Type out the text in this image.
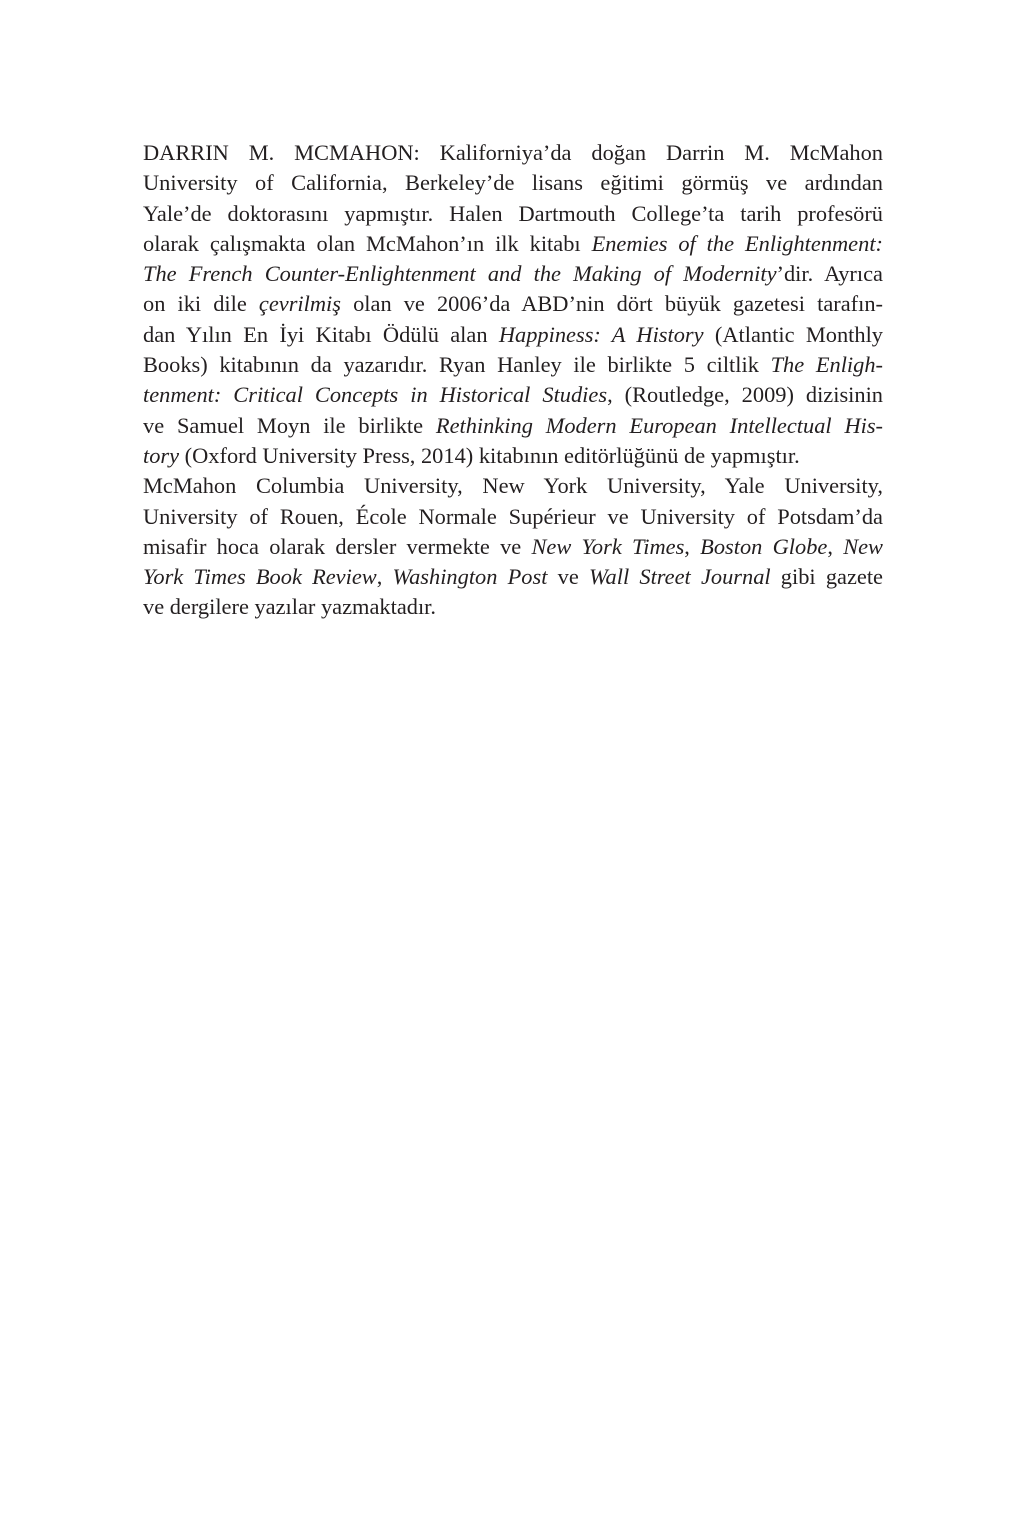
DARRIN M. MCMAHON: Kaliforniya’da doğan Darrin M. McMahon
University of California, Berkeley’de lisans eğitimi görmüş ve ardından
Yale’de doktorasını yapmıştır. Halen Dartmouth College’ta tarih profesörü
olarak çalışmakta olan McMahon’ın ilk kitabı Enemies of the Enlightenment:
The French Counter-Enlightenment and the Making of Modernity’dir. Ayrıca
on iki dile çevrilmiş olan ve 2006’da ABD’nin dört büyük gazetesi tarafın-
dan Yılın En İyi Kitabı Ödülü alan Happiness: A History (Atlantic Monthly
Books) kitabının da yazarıdır. Ryan Hanley ile birlikte 5 ciltlik The Enligh-
tenment: Critical Concepts in Historical Studies, (Routledge, 2009) dizisinin
ve Samuel Moyn ile birlikte Rethinking Modern European Intellectual His-
tory (Oxford University Press, 2014) kitabının editörlüğünü de yapmıştır.
McMahon Columbia University, New York University, Yale University,
University of Rouen, École Normale Supérieur ve University of Potsdam’da
misafir hoca olarak dersler vermekte ve New York Times, Boston Globe, New
York Times Book Review, Washington Post ve Wall Street Journal gibi gazete
ve dergilere yazılar yazmaktadır.
